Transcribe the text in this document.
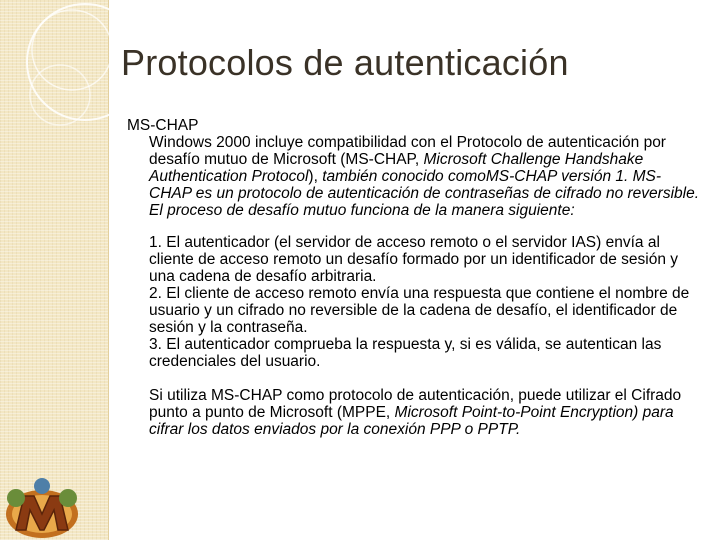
Protocolos de autenticación

MS-CHAP

Windows 2000 incluye compatibilidad con el Protocolo de autenticación por desafío mutuo de Microsoft (MS-CHAP, Microsoft Challenge Handshake Authentication Protocol), también conocido comoMS-CHAP versión 1. MS-CHAP es un protocolo de autenticación de contraseñas de cifrado no reversible. El proceso de desafío mutuo funciona de la manera siguiente:

1. El autenticador (el servidor de acceso remoto o el servidor IAS) envía al cliente de acceso remoto un desafío formado por un identificador de sesión y una cadena de desafío arbitraria.
2. El cliente de acceso remoto envía una respuesta que contiene el nombre de usuario y un cifrado no reversible de la cadena de desafío, el identificador de sesión y la contraseña.
3. El autenticador comprueba la respuesta y, si es válida, se autentican las credenciales del usuario.

Si utiliza MS-CHAP como protocolo de autenticación, puede utilizar el Cifrado punto a punto de Microsoft (MPPE, Microsoft Point-to-Point Encryption) para cifrar los datos enviados por la conexión PPP o PPTP.
